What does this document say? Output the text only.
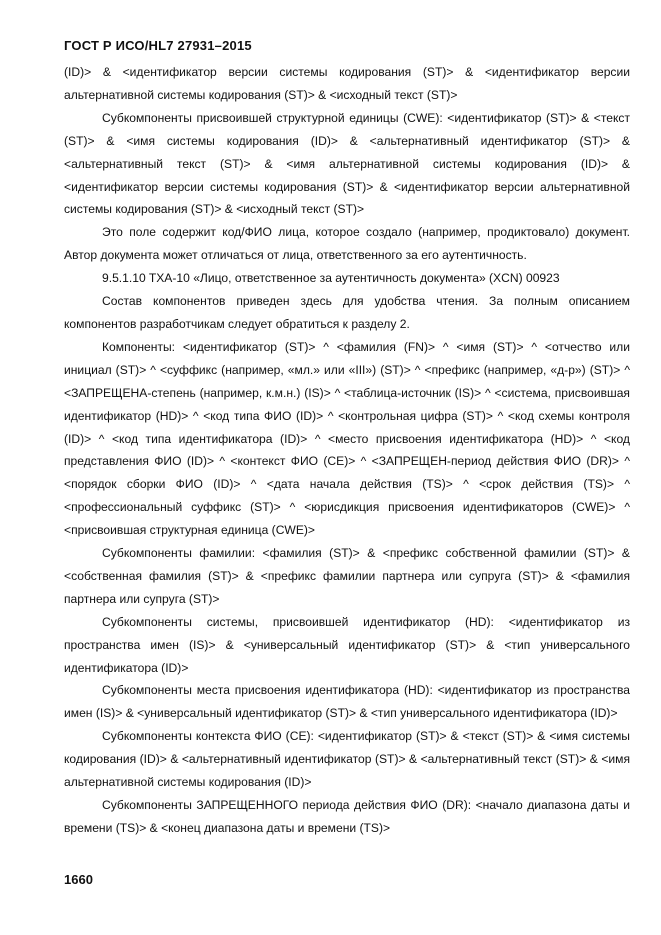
ГОСТ Р ИСО/HL7 27931–2015

(ID)> & <идентификатор версии системы кодирования (ST)> & <идентификатор версии альтернативной системы кодирования (ST)> & <исходный текст (ST)>

Субкомпоненты присвоившей структурной единицы (CWE): <идентификатор (ST)> & <текст (ST)> & <имя системы кодирования (ID)> & <альтернативный идентификатор (ST)> & <альтернативный текст (ST)> & <имя альтернативной системы кодирования (ID)> & <идентификатор версии системы кодирования (ST)> & <идентификатор версии альтернативной системы кодирования (ST)> & <исходный текст (ST)>

Это поле содержит код/ФИО лица, которое создало (например, продиктовало) документ. Автор документа может отличаться от лица, ответственного за его аутентичность.

9.5.1.10 TXA-10 «Лицо, ответственное за аутентичность документа» (XCN) 00923

Состав компонентов приведен здесь для удобства чтения. За полным описанием компонентов разработчикам следует обратиться к разделу 2.

Компоненты: <идентификатор (ST)> ^ <фамилия (FN)> ^ <имя (ST)> ^ <отчество или инициал (ST)> ^ <суффикс (например, «мл.» или «III») (ST)> ^ <префикс (например, «д-р») (ST)> ^ <ЗАПРЕЩЕНА-степень (например, к.м.н.) (IS)> ^ <таблица-источник (IS)> ^ <система, присвоившая идентификатор (HD)> ^ <код типа ФИО (ID)> ^ <контрольная цифра (ST)> ^ <код схемы контроля (ID)> ^ <код типа идентификатора (ID)> ^ <место присвоения идентификатора (HD)> ^ <код представления ФИО (ID)> ^ <контекст ФИО (CE)> ^ <ЗАПРЕЩЕН-период действия ФИО (DR)> ^ <порядок сборки ФИО (ID)> ^ <дата начала действия (TS)> ^ <срок действия (TS)> ^ <профессиональный суффикс (ST)> ^ <юрисдикция присвоения идентификаторов (CWE)> ^ <присвоившая структурная единица (CWE)>

Субкомпоненты фамилии: <фамилия (ST)> & <префикс собственной фамилии (ST)> & <собственная фамилия (ST)> & <префикс фамилии партнера или супруга (ST)> & <фамилия партнера или супруга (ST)>

Субкомпоненты системы, присвоившей идентификатор (HD): <идентификатор из пространства имен (IS)> & <универсальный идентификатор (ST)> & <тип универсального идентификатора (ID)>

Субкомпоненты места присвоения идентификатора (HD): <идентификатор из пространства имен (IS)> & <универсальный идентификатор (ST)> & <тип универсального идентификатора (ID)>

Субкомпоненты контекста ФИО (CE): <идентификатор (ST)> & <текст (ST)> & <имя системы кодирования (ID)> & <альтернативный идентификатор (ST)> & <альтернативный текст (ST)> & <имя альтернативной системы кодирования (ID)>

Субкомпоненты ЗАПРЕЩЕННОГО периода действия ФИО (DR): <начало диапазона даты и времени (TS)> & <конец диапазона даты и времени (TS)>

1660
